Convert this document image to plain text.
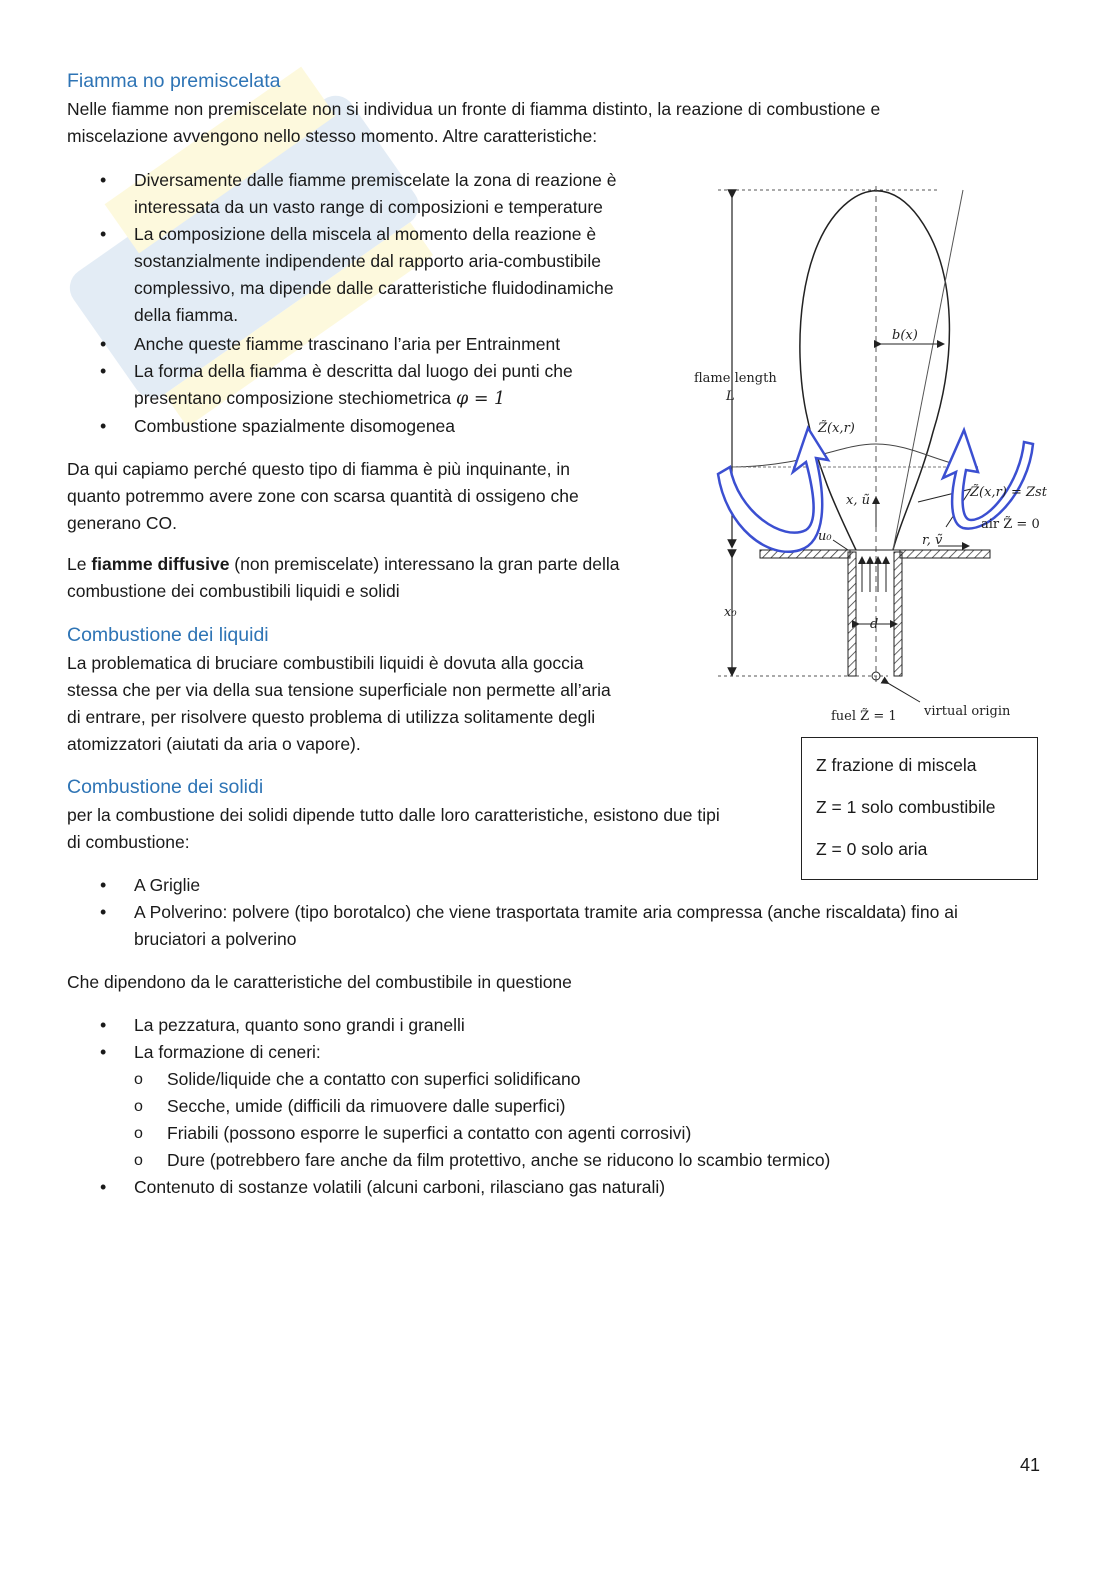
Fiamma no premiscelata
Nelle fiamme non premiscelate non si individua un fronte di fiamma distinto, la reazione di combustione e
miscelazione avvengono nello stesso momento. Altre caratteristiche:
• Diversamente dalle fiamme premiscelate la zona di reazione è
interessata da un vasto range di composizioni e temperature
• La composizione della miscela al momento della reazione è
sostanzialmente indipendente dal rapporto aria-combustibile
complessivo, ma dipende dalle caratteristiche fluidodinamiche
della fiamma.
• Anche queste fiamme trascinano l’aria per Entrainment
• La forma della fiamma è descritta dal luogo dei punti che
presentano composizione stechiometrica φ = 1
• Combustione spazialmente disomogenea
Da qui capiamo perché questo tipo di fiamma è più inquinante, in
quanto potremmo avere zone con scarsa quantità di ossigeno che
generano CO.
Le fiamme diffusive (non premiscelate) interessano la gran parte della
combustione dei combustibili liquidi e solidi
Combustione dei liquidi
La problematica di bruciare combustibili liquidi è dovuta alla goccia
stessa che per via della sua tensione superficiale non permette all’aria
di entrare, per risolvere questo problema di utilizza solitamente degli
atomizzatori (aiutati da aria o vapore).
Combustione dei solidi
per la combustione dei solidi dipende tutto dalle loro caratteristiche, esistono due tipi
di combustione:
• A Griglie
• A Polverino: polvere (tipo borotalco) che viene trasportata tramite aria compressa (anche riscaldata) fino ai
bruciatori a polverino
Che dipendono da le caratteristiche del combustibile in questione
• La pezzatura, quanto sono grandi i granelli
• La formazione di ceneri:
o Solide/liquide che a contatto con superfici solidificano
o Secche, umide (difficili da rimuovere dalle superfici)
o Friabili (possono esporre le superfici a contatto con agenti corrosivi)
o Dure (potrebbero fare anche da film protettivo, anche se riducono lo scambio termico)
• Contenuto di sostanze volatili (alcuni carboni, rilasciano gas naturali)
flame length
L
b(x)
Z̃(x,r)
Z̃(x,r) = Zst
air Z̃ = 0
x, ũ
u₀	r, ṽ
x₀
d
fuel Z̃ = 1 virtual origin
Z frazione di miscela
Z = 1 solo combustibile
Z = 0 solo aria
41
